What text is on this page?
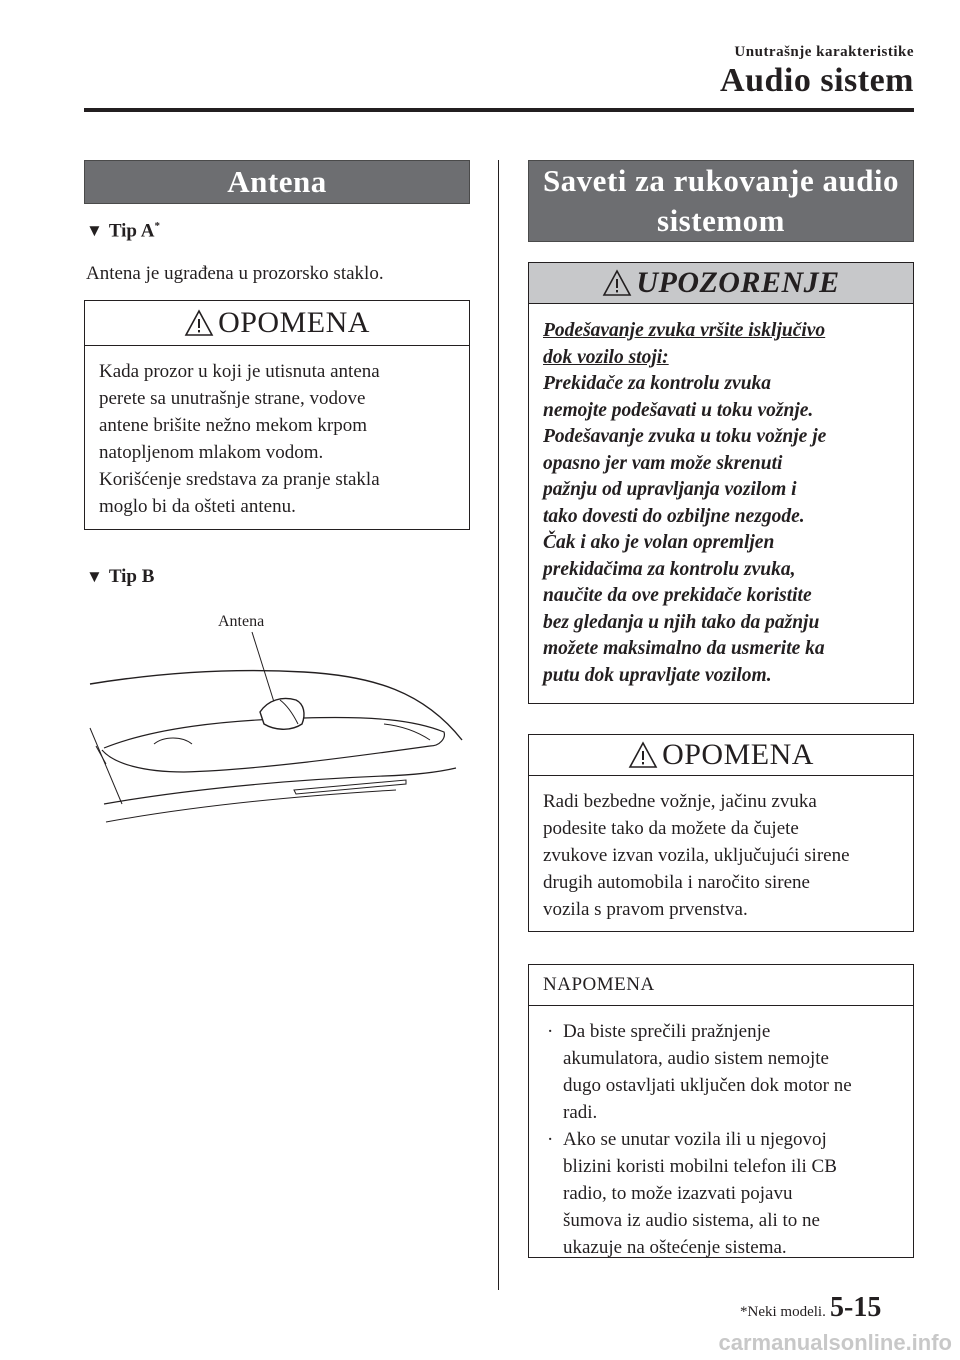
Unutrašnje karakteristike
Audio sistem
Antena
▼ Tip A*
Antena je ugrađena u prozorsko staklo.
OPOMENA
Kada prozor u koji je utisnuta antena
perete sa unutrašnje strane, vodove
antene brišite nežno mekom krpom
natopljenom mlakom vodom.
Korišćenje sredstava za pranje stakla
moglo bi da ošteti antenu.
▼ Tip B
Antena
Saveti za rukovanje audio
sistemom
UPOZORENJE
Podešavanje zvuka vršite isključivo
dok vozilo stoji:
Prekidače za kontrolu zvuka
nemojte podešavati u toku vožnje.
Podešavanje zvuka u toku vožnje je
opasno jer vam može skrenuti
pažnju od upravljanja vozilom i
tako dovesti do ozbiljne nezgode.
Čak i ako je volan opremljen
prekidačima za kontrolu zvuka,
naučite da ove prekidače koristite
bez gledanja u njih tako da pažnju
možete maksimalno da usmerite ka
putu dok upravljate vozilom.
OPOMENA
Radi bezbedne vožnje, jačinu zvuka
podesite tako da možete da čujete
zvukove izvan vozila, uključujući sirene
drugih automobila i naročito sirene
vozila s pravom prvenstva.
NAPOMENA
· Da biste sprečili pražnjenje
akumulatora, audio sistem nemojte
dugo ostavljati uključen dok motor ne
radi.
· Ako se unutar vozila ili u njegovoj
blizini koristi mobilni telefon ili CB
radio, to može izazvati pojavu
šumova iz audio sistema, ali to ne
ukazuje na oštećenje sistema.
*Neki modeli. 5-15
carmanualsonline.info
